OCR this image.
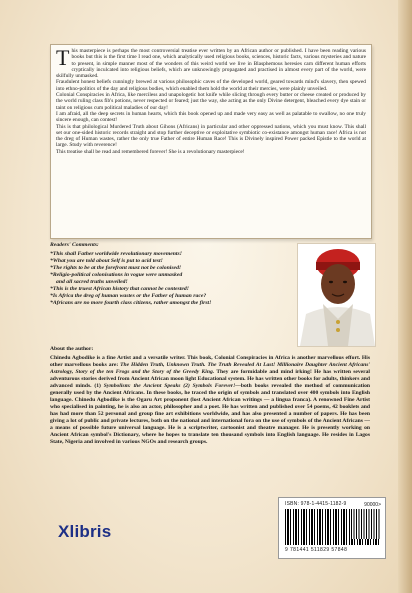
This masterpiece is perhaps the most controversial treatise ever written by an African author or published. I have been reading various books but this is the first time I read one, which analytically used religious books, sciences, historic facts, various mysteries and nature to present, in simple manner most of the wonders of this weird world we live in Blasphemous heresies carn different human efforts cryptically inculcated into religious beliefs, which are unknowingly propagated and practised in almost every part of the world, were skilfully unmasked.

Fraudulent honest beliefs cunningly brewed at various philosophic caves of the developed world, geared towards mind's slavery, then spewed into ethno-politics of the day and religious bodies, which enabled them hold the world at their mercies, were plainly unveiled.

Colonial Conspiracies in Africa, like merciless and unapologetic hot knife while slicing through every butter or cheese created or produced by the world ruling class fib's potions, never respected or feared; just the way, she acting as the only Divine detergent, bleached every dye stain or taint on religious cum political maladies of our day!

I am afraid, all the deep secrets in human hearts, which this book opened up and made very easy as well as palatable to swallow, no one truly sincere enough, can contest!

This is that philological Murdered Truth about Gihons (Africans) in particular and other oppressed nations, which you must know. This shall set our one-sided historic records straight and stop further deceptive or exploitative symbiotic co-existance amongst human race! Africa is not the dreg of Human wastes, rather the only true Father of entire Human Race! This is Divinely inspired Power packed Epistle to the world at large. Study with reverence!

This treatise shall be read and remembered forever! She is a revolutionary masterpiece!

Readers' Comments:
*This shall Father worldwide revolutionary movements!
*What you are told about Self is put to acid test!
*The rights to be at the forefront must not be colonised!
*Religio-political colonisations in vogue were unmasked
and all sacred truths unveiled!
*This is the truest African history that cannot be contested!
*Is Africa the dreg of human wastes or the Father of human race?
*Africans are no more fourth class citizens, rather amongst the first!
About the author:
Chinedu Agbodike is a fine Artist and a versatile writer. This book, Colonial Conspiracies in Africa is another marvellous effort. His other marvellous books are: The Hidden Truth, Unknown Truth. The Truth Revealed At Last! Millionaire Daughter Ancient Africans' Astrology, Story of the ten Frogs and the Story of the Greedy King. They are formidable and mind irking! He has written several adventurous stories derived from Ancient African moon light Educational system. He has written other books for adults, thinkers and advanced minds. (1) Symbolism: the Ancient Speaks (2) Symbols Forever!—both books revealed the method of communication generally used by the Ancient Africans. In these books, he traced the origin of symbols and translated over 400 symbols into English language. Chinedu Agbodike is the Ogaru Art proponent (lost Ancient African writings — a lingua franca). A renowned Fine Artist who specialised in painting, he is also an actor, philosopher and a poet. He has written and published over 54 poems, 42 booklets and has had more than 52 personal and group fine art exhibitions worldwide, and has also presented a number of papers. He has been giving a lot of public and private lectures, both on the national and international fora on the use of symbols of the Ancient Africans — a means of possible future universal language. He is a scriptwriter, cartoonist and theatre manager. He is presently working on Ancient African symbol's Dictionary, where he hopes to translate ten thousand symbols into English language. He resides in Lagos State, Nigeria and involved in various NGOs and research groups.
Xlibris
ISBN: 978-1-4415-1182-9	90000>
9 781441 511829 57848
